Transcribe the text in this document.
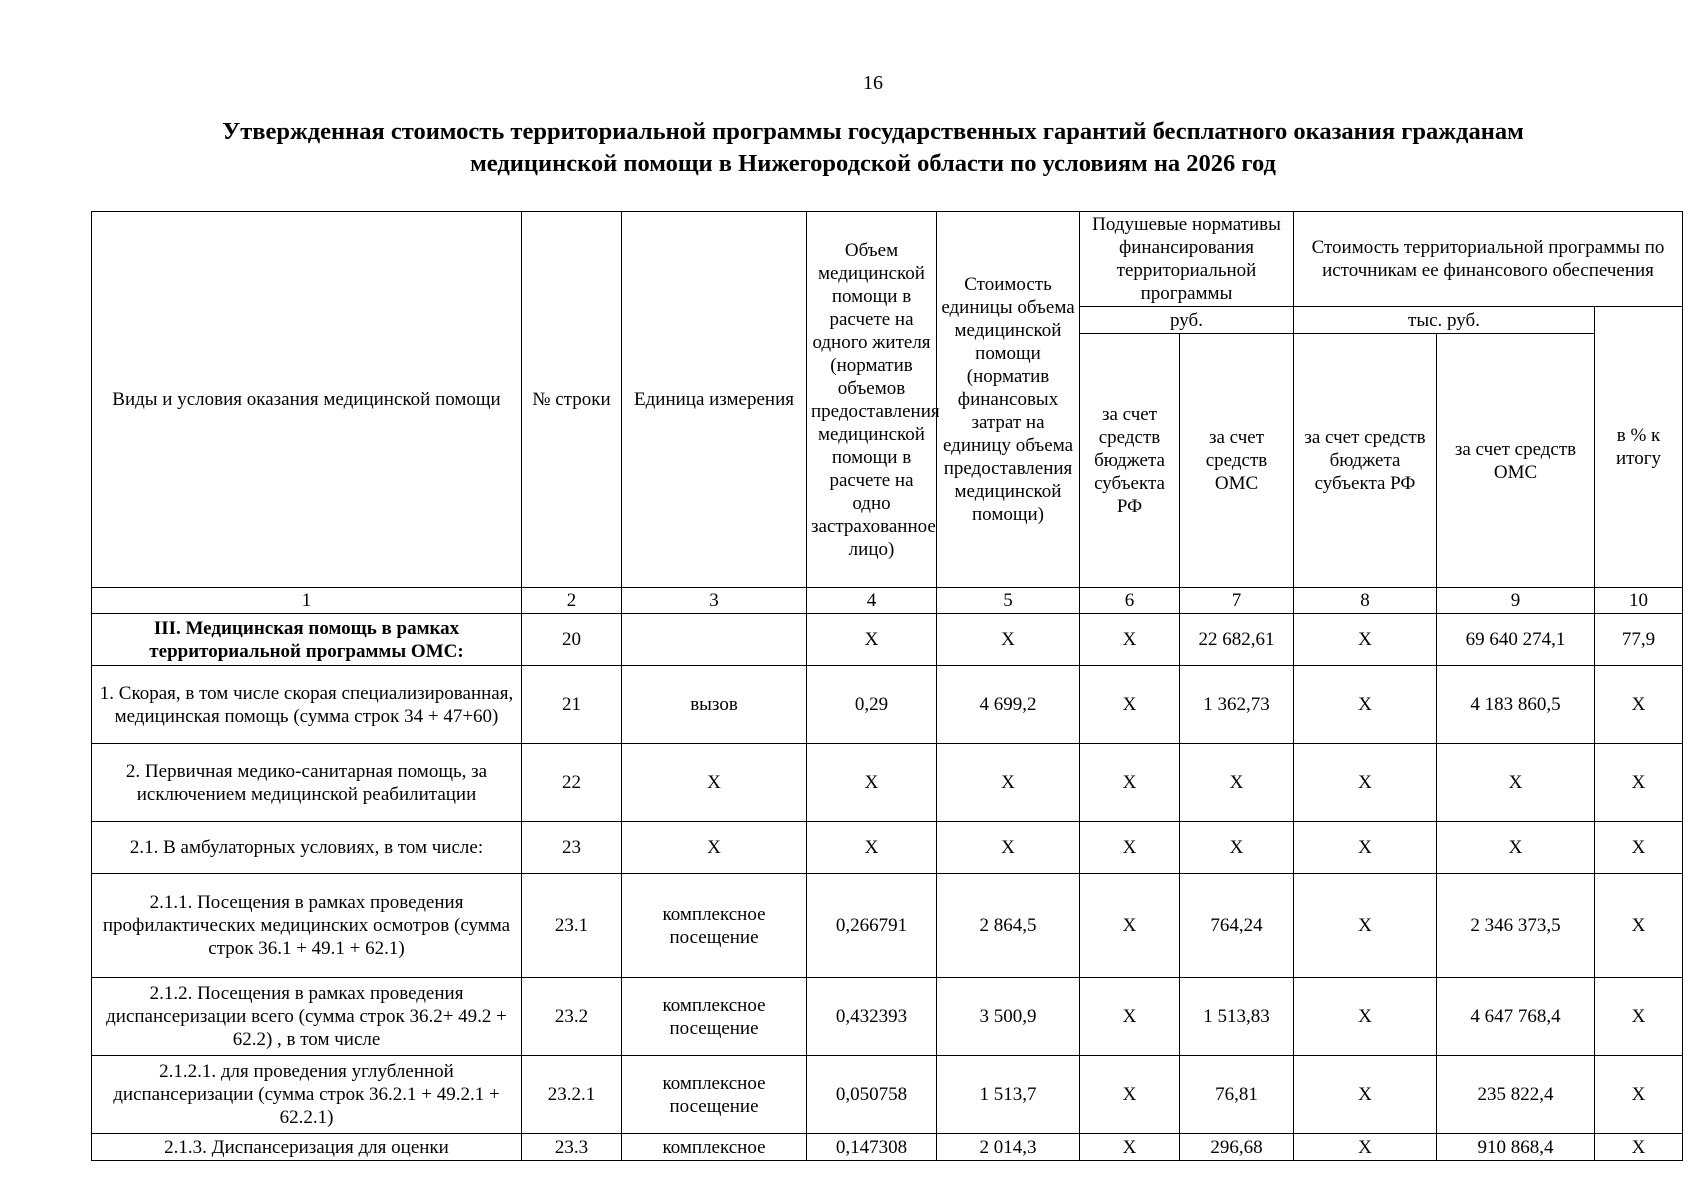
16
Утвержденная стоимость территориальной программы государственных гарантий бесплатного оказания гражданам
медицинской помощи в Нижегородской области по условиям на 2026 год
Виды и условия оказания медицинской помощи	№ строки	Единица измерения	Объем медицинской помощи в расчете на одного жителя (норматив объемов предоставления медицинской помощи в расчете на одно застрахованное лицо)	Стоимость единицы объема медицинской помощи (норматив финансовых затрат на единицу объема предоставления медицинской помощи)	Подушевые нормативы финансирования территориальной программы		Стоимость территориальной программы по источникам ее финансового обеспечения		
					руб.		тыс. руб.		в % к итогу
					за счет средств бюджета субъекта РФ	за счет средств ОМС	за счет средств бюджета субъекта РФ	за счет средств ОМС	
1	2	3	4	5	6	7	8	9	10
III. Медицинская помощь в рамках территориальной программы ОМС:	20		X	X	X	22 682,61	X	69 640 274,1	77,9
1. Скорая, в том числе скорая специализированная, медицинская помощь (сумма строк 34 + 47+60)	21	вызов	0,29	4 699,2	X	1 362,73	X	4 183 860,5	X
2. Первичная медико-санитарная помощь, за исключением медицинской реабилитации	22	X	X	X	X	X	X	X	X
2.1. В амбулаторных условиях, в том числе:	23	X	X	X	X	X	X	X	X
2.1.1. Посещения в рамках проведения профилактических медицинских осмотров (сумма строк 36.1 + 49.1 + 62.1)	23.1	комплексное посещение	0,266791	2 864,5	X	764,24	X	2 346 373,5	X
2.1.2. Посещения в рамках проведения диспансеризации всего (сумма строк 36.2+ 49.2 + 62.2) , в том числе	23.2	комплексное посещение	0,432393	3 500,9	X	1 513,83	X	4 647 768,4	X
2.1.2.1. для проведения углубленной диспансеризации (сумма строк 36.2.1 + 49.2.1 + 62.2.1)	23.2.1	комплексное посещение	0,050758	1 513,7	X	76,81	X	235 822,4	X
2.1.3. Диспансеризация для оценки	23.3	комплексное	0,147308	2 014,3	X	296,68	X	910 868,4	X
